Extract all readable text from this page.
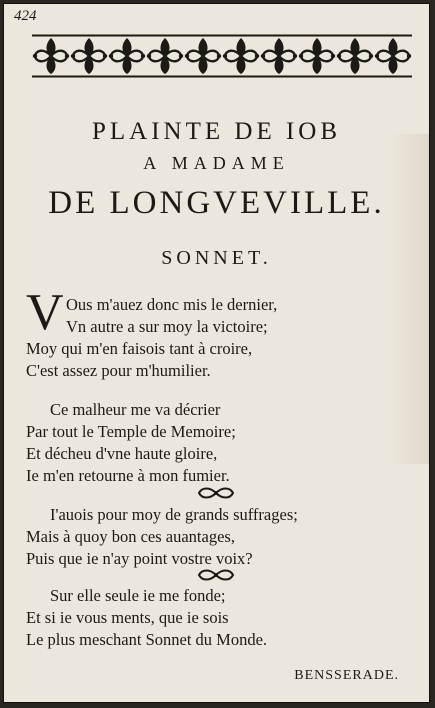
424
PLAINTE DE IOB
A MADAME
DE LONGVEVILLE.
SONNET.
V Ous m'auez donc mis le dernier,
Vn autre a sur moy la victoire;
Moy qui m'en faisois tant à croire,
C'est assez pour m'humilier.
Ce malheur me va décrier
Par tout le Temple de Memoire;
Et décheu d'vne haute gloire,
Ie m'en retourne à mon fumier.
I'auois pour moy de grands suffrages;
Mais à quoy bon ces auantages,
Puis que ie n'ay point vostre voix?
Sur elle seule ie me fonde;
Et si ie vous ments, que ie sois
Le plus meschant Sonnet du Monde.
BENSSERADE.
